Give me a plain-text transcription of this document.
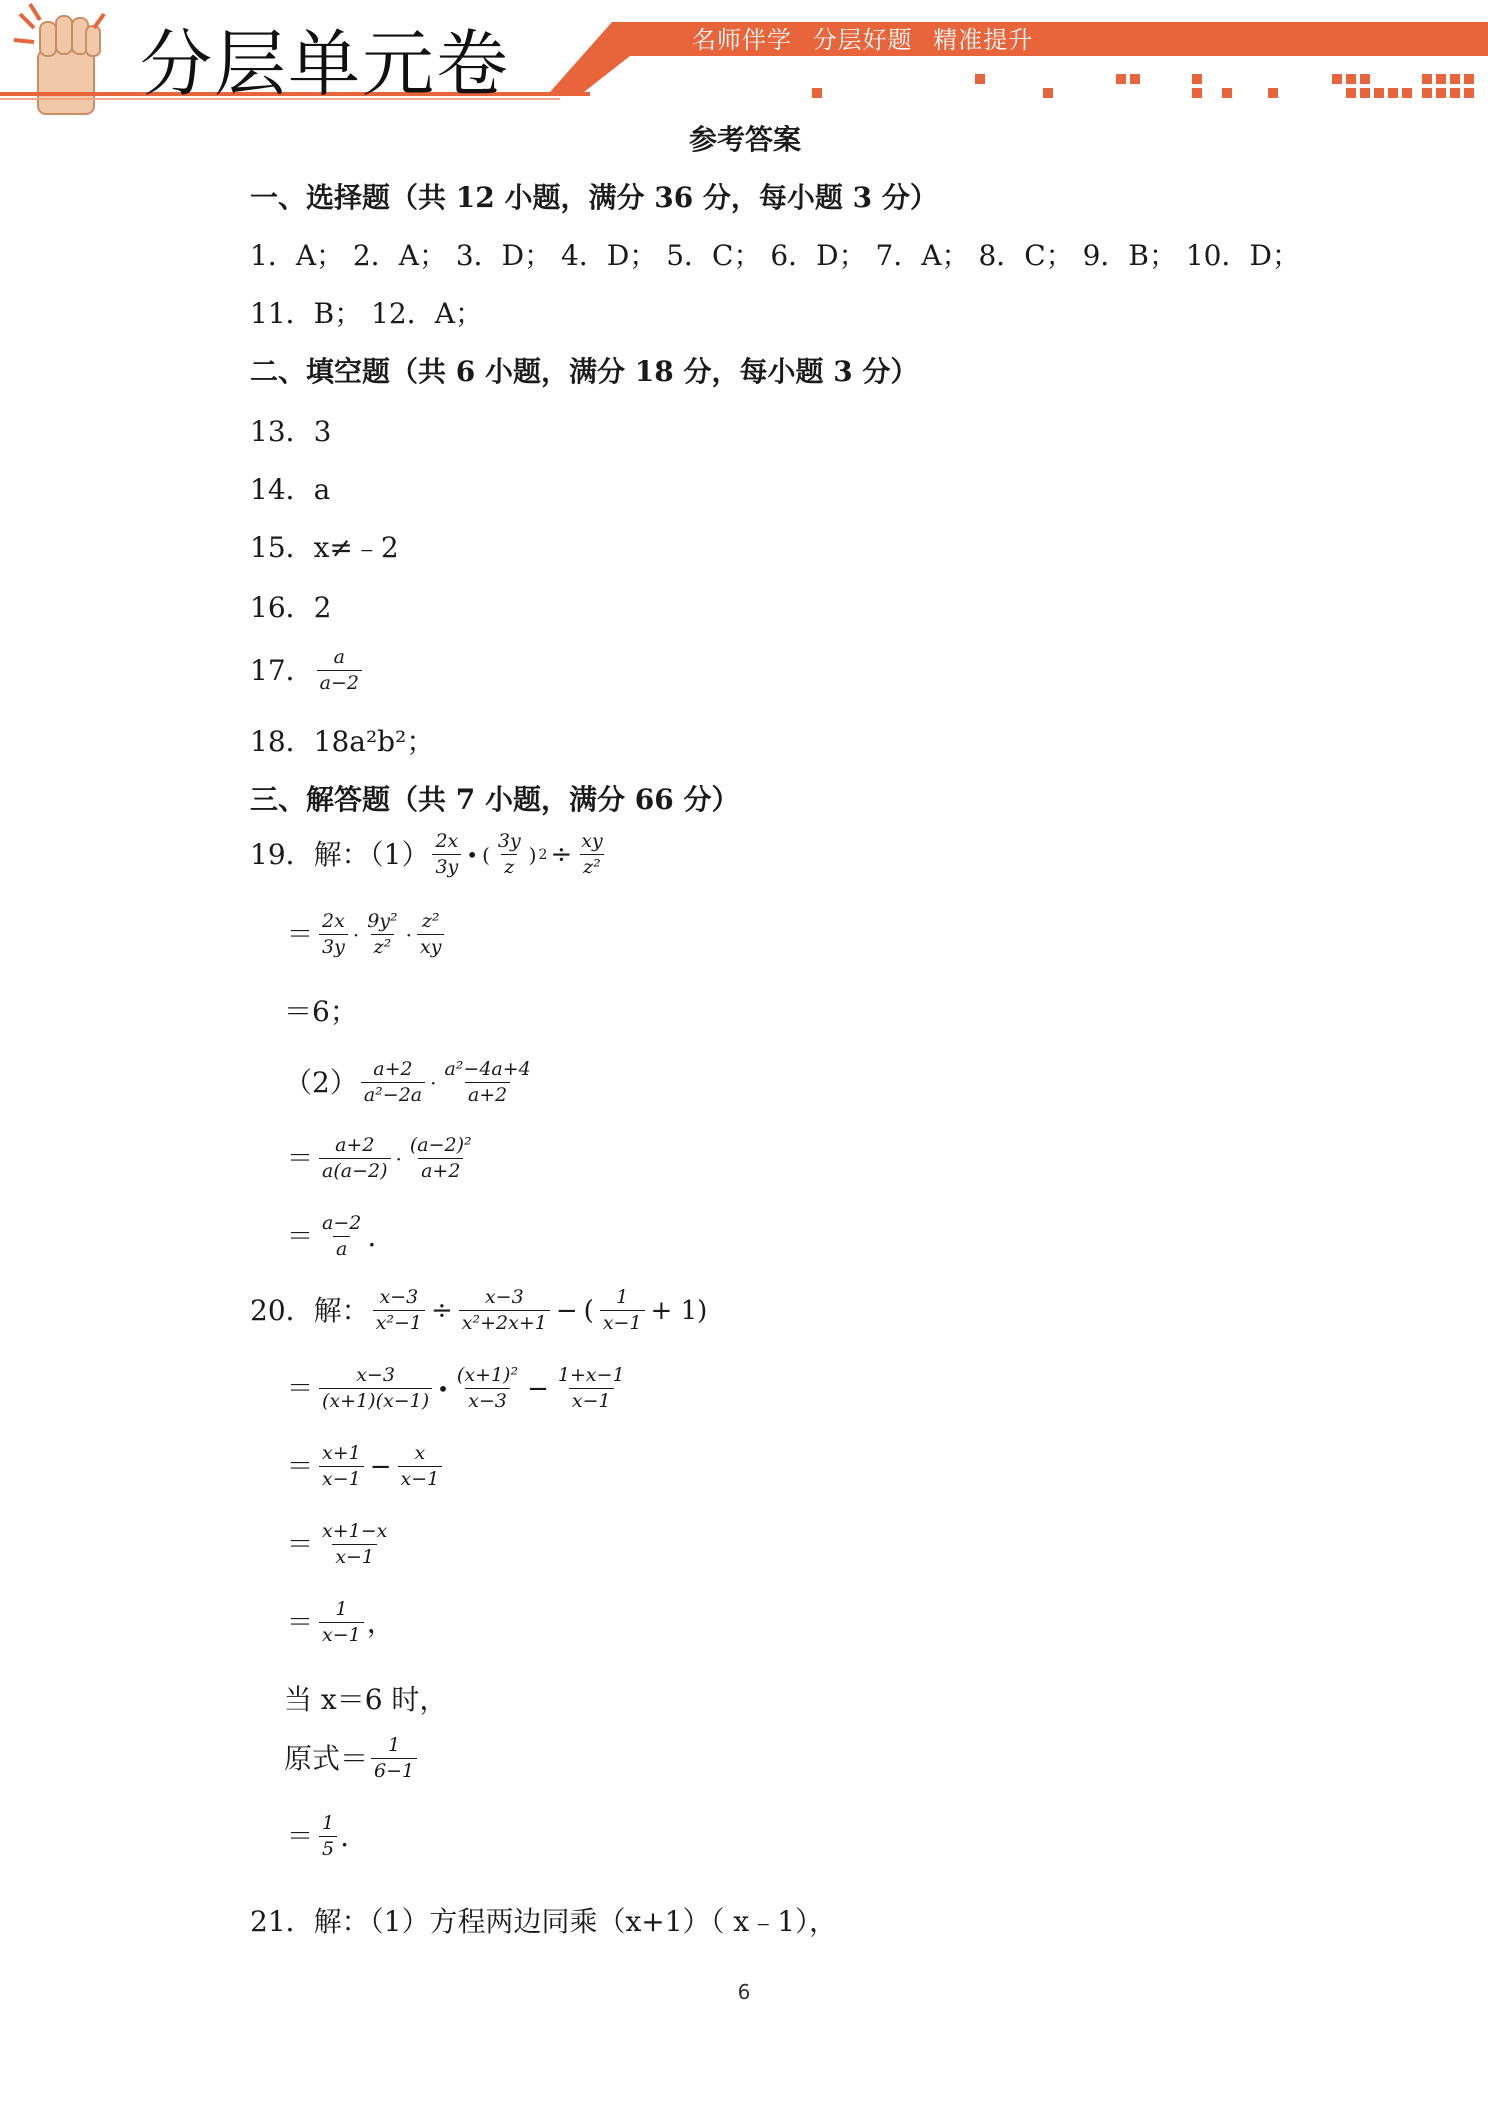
分层单元卷	名师伴学 分层好题 精准提升
参考答案
一、选择题（共 12 小题，满分 36 分，每小题 3 分）
1．A； 2．A； 3．D； 4．D； 5．C； 6．D； 7．A； 8．C； 9．B； 10．D；
11．B； 12．A；
二、填空题（共 6 小题，满分 18 分，每小题 3 分）
13．3
14．a
15．x≠﹣2
16．2
17． $\frac{a}{a-2}$
18．18a²b²；
三、解答题（共 7 小题，满分 66 分）
19．解：$(1) \frac{2x}{3y}$ • ( $\frac{3y}{z}$ ) $2 \div \frac{xy}{\text{z²}}$
＝ $\frac{2x}{3y} \cdot \frac{\text{9y²}}{\text{z²}} \cdot \frac{\text{z²}}{xy}$
＝6；
$(2) \frac{a+2}{\text{a²−2a}} \cdot \frac{\text{a²−4a+4}}{a+2}$
＝ $\frac{a+2}{a(a-2)} \cdot \frac{\text{(a−2)²}}{a+2}$
＝ $\frac{a-2}{a}$ .
20．解： $\frac{x-3}{\text{x²−1}} \div \frac{x-3}{\text{x²+2x+1}}$ − ( $\frac{1}{x-1} + 1$)
＝ $\frac{x-3}{(x+1)(x-1)}$ • $\frac{\text{(x+1)²}}{x-3} - \frac{1+x-1}{x-1}$
＝ $\frac{x+1}{x-1} - \frac{x}{x-1}$
＝ $\frac{x+1-x}{x-1}$
＝ $\frac{1}{x-1}$ ，
当 x＝6 时，
原式＝ $\frac{1}{6-1}$
＝ $\frac{1}{5}$ .
21．解：（1）方程两边同乘（x+1）（ x﹣1），
6
